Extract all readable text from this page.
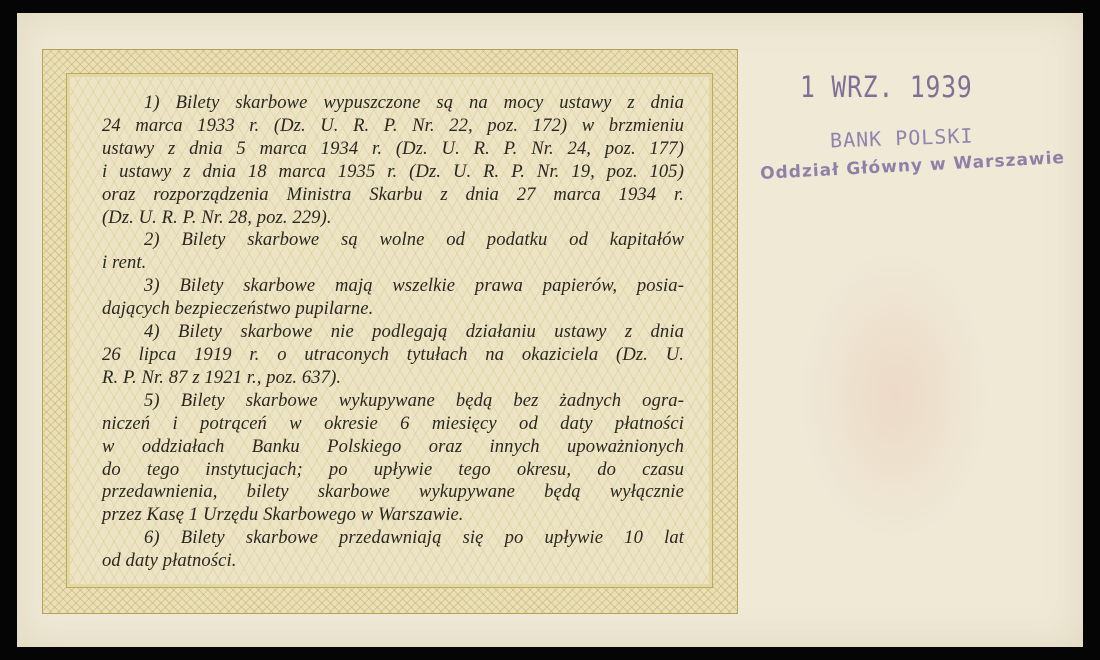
1) Bilety skarbowe wypuszczone są na mocy ustawy z dnia
24 marca 1933 r. (Dz. U. R. P. Nr. 22, poz. 172) w brzmieniu
ustawy z dnia 5 marca 1934 r. (Dz. U. R. P. Nr. 24, poz. 177)
i ustawy z dnia 18 marca 1935 r. (Dz. U. R. P. Nr. 19, poz. 105)
oraz rozporządzenia Ministra Skarbu z dnia 27 marca 1934 r.
(Dz. U. R. P. Nr. 28, poz. 229).
2) Bilety skarbowe są wolne od podatku od kapitałów
i rent.
3) Bilety skarbowe mają wszelkie prawa papierów, posia-
dających bezpieczeństwo pupilarne.
4) Bilety skarbowe nie podlegają działaniu ustawy z dnia
26 lipca 1919 r. o utraconych tytułach na okaziciela (Dz. U.
R. P. Nr. 87 z 1921 r., poz. 637).
5) Bilety skarbowe wykupywane będą bez żadnych ogra-
niczeń i potrąceń w okresie 6 miesięcy od daty płatności
w oddziałach Banku Polskiego oraz innych upoważnionych
do tego instytucjach; po upływie tego okresu, do czasu
przedawnienia, bilety skarbowe wykupywane będą wyłącznie
przez Kasę 1 Urzędu Skarbowego w Warszawie.
6) Bilety skarbowe przedawniają się po upływie 10 lat
od daty płatności.
1 WRZ. 1939
BANK POLSKI
Oddział Główny w Warszawie
